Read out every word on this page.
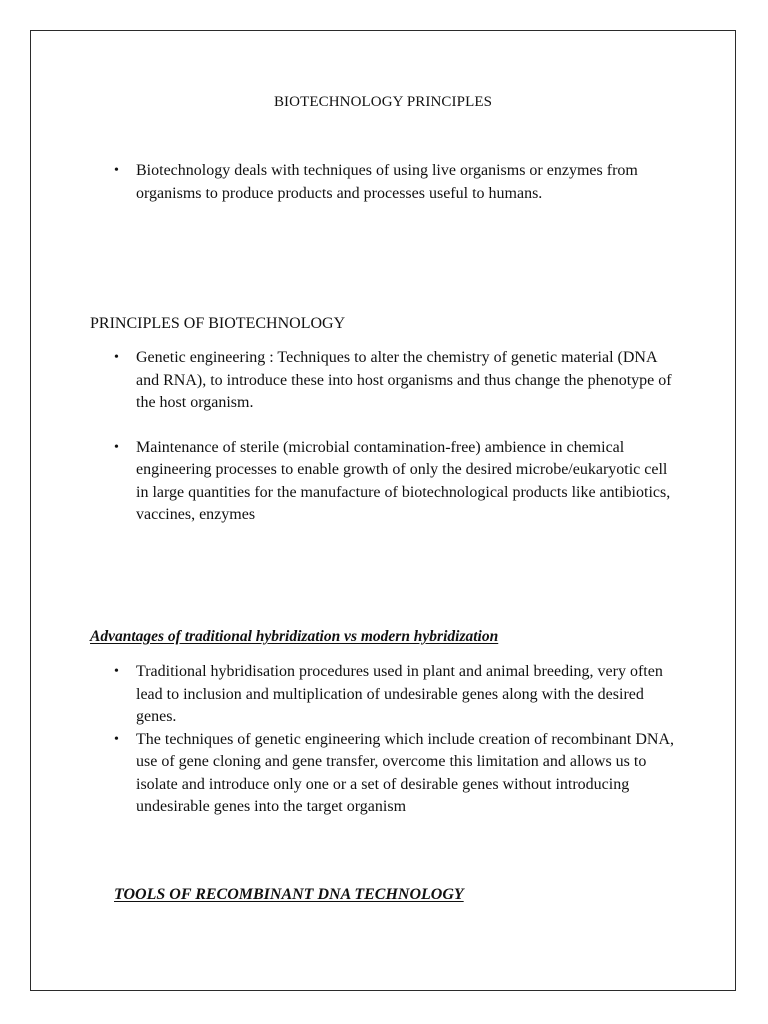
BIOTECHNOLOGY PRINCIPLES
• Biotechnology deals with techniques of using live organisms or enzymes from organisms to produce products and processes useful to humans.
PRINCIPLES OF BIOTECHNOLOGY
• Genetic engineering : Techniques to alter the chemistry of genetic material (DNA and RNA), to introduce these into host organisms and thus change the phenotype of the host organism.
• Maintenance of sterile (microbial contamination-free) ambience in chemical engineering processes to enable growth of only the desired microbe/eukaryotic cell in large quantities for the manufacture of biotechnological products like antibiotics, vaccines, enzymes
Advantages of traditional hybridization vs modern hybridization
• Traditional hybridisation procedures used in plant and animal breeding, very often lead to inclusion and multiplication of undesirable genes along with the desired genes.
• The techniques of genetic engineering which include creation of recombinant DNA, use of gene cloning and gene transfer, overcome this limitation and allows us to isolate and introduce only one or a set of desirable genes without introducing undesirable genes into the target organism
TOOLS OF RECOMBINANT DNA TECHNOLOGY
